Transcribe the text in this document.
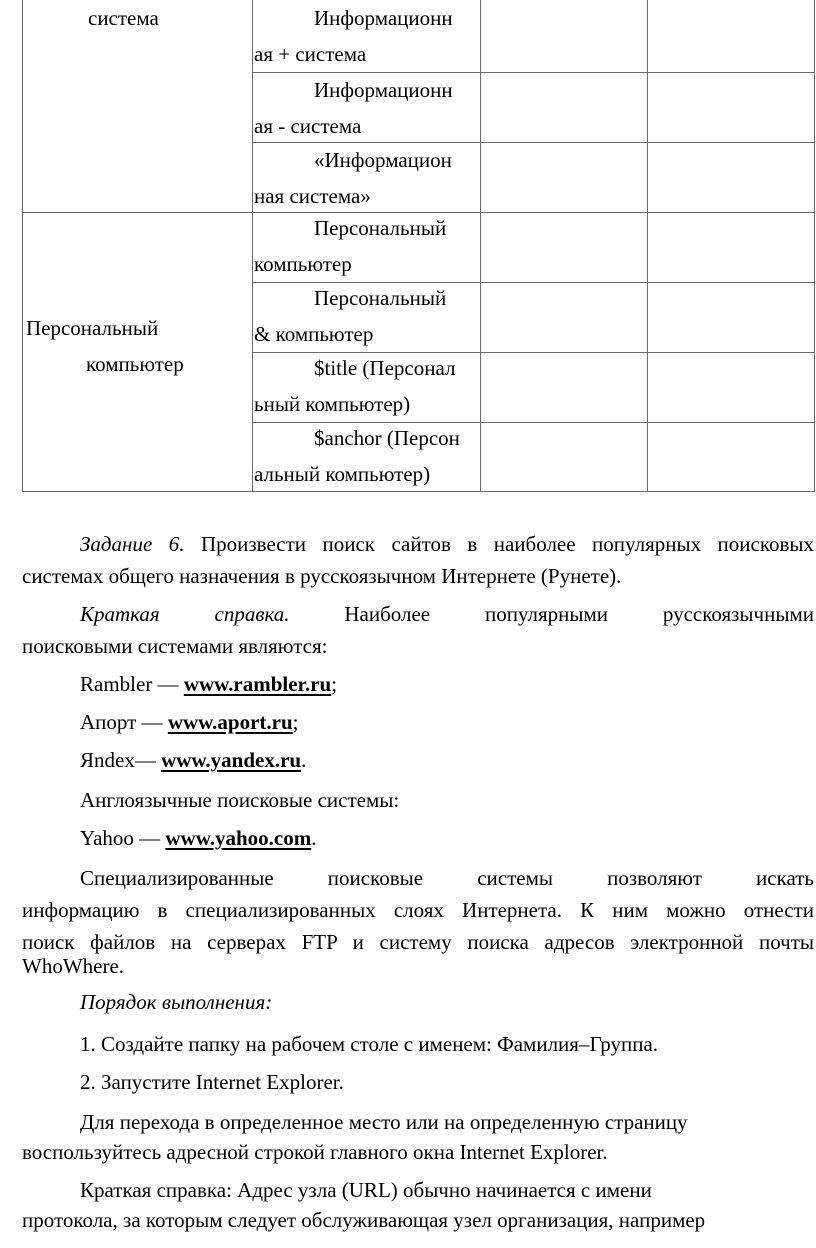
система	Информационн
ая + система

Информационн
ая - система

«Информацион
ная система»

Персональный

компьютер

Персональный
компьютер

Персональный
& компьютер

$title (Персонал
ьный компьютер)

$anchor (Персон
альный компьютер)

Задание 6. Произвести поиск сайтов в наиболее популярных поисковых

системах общего назначения в русскоязычном Интернете (Рунете).

Краткая справка. Наиболее популярными русскоязычными

поисковыми системами являются:

Rambler — www.rambler.ru;

Апорт — www.aport.ru;

Яndex— www.yandex.ru.

Англоязычные поисковые системы:

Yahoo — www.yahoo.com.

Специализированные поисковые системы позволяют искать

информацию в специализированных слоях Интернета. К ним можно отнести

поиск файлов на серверах FTP и систему поиска адресов электронной почты

WhoWhere.

Порядок выполнения:

1. Создайте папку на рабочем столе с именем: Фамилия–Группа.

2. Запустите Internet Explorer.

Для перехода в определенное место или на определенную страницу

воспользуйтесь адресной строкой главного окна Internet Explorer.

Краткая справка: Адрес узла (URL) обычно начинается с имени

протокола, за которым следует обслуживающая узел организация, например
